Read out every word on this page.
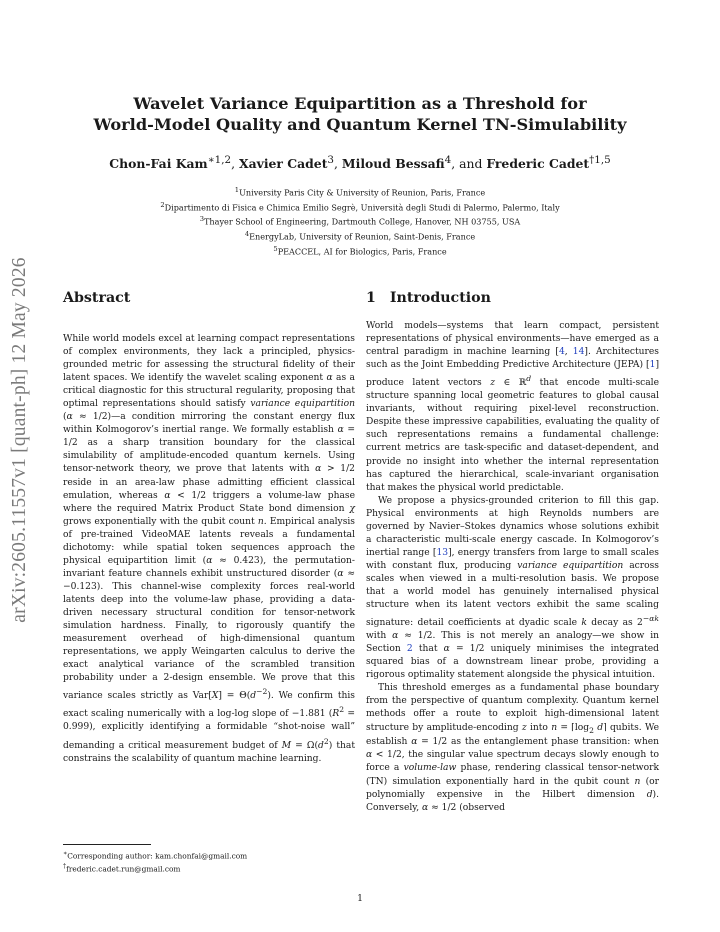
Wavelet Variance Equipartition as a Threshold for
World-Model Quality and Quantum Kernel TN-Simulability
Chon-Fai Kam$^{∗1,2}$, Xavier Cadet$^3$, Miloud Bessafi$^4$, and Frederic Cadet$^{\dagger 1,5}$
$^1$University Paris City & University of Reunion, Paris, France
$^2$Dipartimento di Fisica e Chimica Emilio Segrè, Università degli Studi di Palermo, Palermo, Italy
$^3$Thayer School of Engineering, Dartmouth College, Hanover, NH 03755, USA
$^4$EnergyLab, University of Reunion, Saint-Denis, France
$^5$PEACCEL, AI for Biologics, Paris, France
arXiv:2605.11557v1 [quant-ph] 12 May 2026 Abstract	1 Introduction

While world models excel at learning compact representations of complex environments, they lack a principled, physics-grounded metric for assessing the structural fidelity of their latent spaces. We identify the wavelet scaling exponent α as a critical diagnostic for this structural regularity, proposing that optimal representations should satisfy variance equipartition (α ≈ 1/2)—a condition mirroring the constant energy flux within Kolmogorov’s inertial range. We formally establish α = 1/2 as a sharp transition boundary for the classical simulability of amplitude-encoded quantum kernels. Using tensor-network theory, we prove that latents with α > 1/2 reside in an area-law phase admitting efficient classical emulation, whereas α < 1/2 triggers a volume-law phase where the required Matrix Product State bond dimension χ grows exponentially with the qubit count n. Empirical analysis of pre-trained VideoMAE latents reveals a fundamental dichotomy: while spatial token sequences approach the physical equipartition limit (α ≈ 0.423), the permutation-invariant feature channels exhibit unstructured disorder (α ≈ −0.123). This channel-wise complexity forces real-world latents deep into the volume-law phase, providing a data-driven necessary structural condition for tensor-network simulation hardness. Finally, to rigorously quantify the measurement overhead of high-dimensional quantum representations, we apply Weingarten calculus to derive the exact analytical variance of the scrambled transition probability under a 2-design ensemble. We prove that this variance scales strictly as $Var[X] = \Theta(d^{-2})$. We confirm this exact scaling numerically with a log-log slope of −1.881 $(R^2 = 0.999)$, explicitly identifying a formidable “shot-noise wall” demanding a critical measurement budget of $M = \Omega(d^2)$ that constrains the scalability of quantum machine learning.

World models—systems that learn compact, persistent representations of physical environments—have emerged as a central paradigm in machine learning [4, 14]. Architectures such as the Joint Embedding Predictive Architecture (JEPA) [1] produce latent vectors z ∈ ℝ$^d$ that encode multi-scale structure spanning local geometric features to global causal invariants, without requiring pixel-level reconstruction. Despite these impressive capabilities, evaluating the quality of such representations remains a fundamental challenge: current metrics are task-specific and dataset-dependent, and provide no insight into whether the internal representation has captured the hierarchical, scale-invariant organisation that makes the physical world predictable.

We propose a physics-grounded criterion to fill this gap. Physical environments at high Reynolds numbers are governed by Navier–Stokes dynamics whose solutions exhibit a characteristic multi-scale energy cascade. In Kolmogorov’s inertial range [13], energy transfers from large to small scales with constant flux, producing variance equipartition across scales when viewed in a multi-resolution basis. We propose that a world model has genuinely internalised physical structure when its latent vectors exhibit the same scaling signature: detail coefficients at dyadic scale k decay as $2^{-\alpha k}$ with α ≈ 1/2. This is not merely an analogy—we show in Section 2 that α = 1/2 uniquely minimises the integrated squared bias of a downstream linear probe, providing a rigorous optimality statement alongside the physical intuition.

This threshold emerges as a fundamental phase boundary from the perspective of quantum complexity. Quantum kernel methods offer a route to exploit high-dimensional latent structure by amplitude-encoding z into $n = ⌈\log_2$ d⌉ qubits. We establish α = 1/2 as the entanglement phase transition: when α < 1/2, the singular value spectrum decays slowly enough to force a volume-law phase, rendering classical tensor-network (TN) simulation exponentially hard in the qubit count n (or polynomially expensive in the Hilbert dimension d). Conversely, α ≈ 1/2 (observed

∗Corresponding author: kam.chonfai@gmail.com
†frederic.cadet.run@gmail.com
1
